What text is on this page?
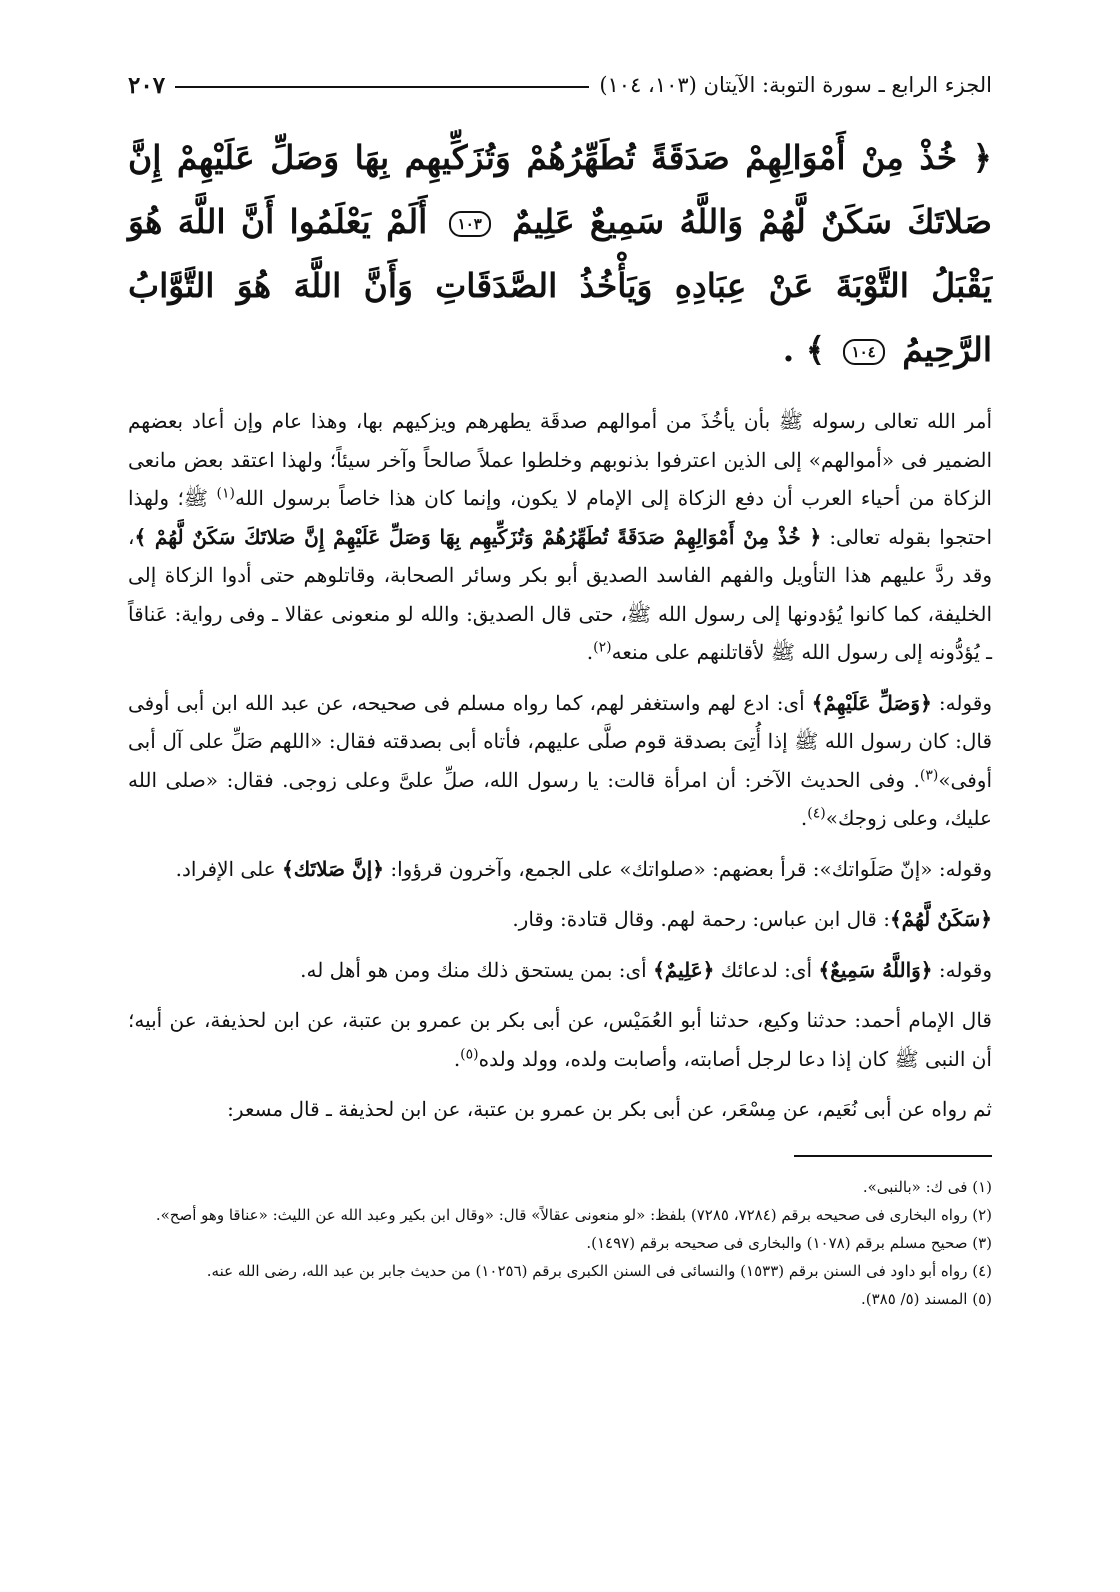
الجزء الرابع ـ سورة التوبة: الآيتان (١٠٣، ١٠٤)
٢٠٧
﴿ خُذْ مِنْ أَمْوَالِهِمْ صَدَقَةً تُطَهِّرُهُمْ وَتُزَكِّيهِم بِهَا وَصَلِّ عَلَيْهِمْ إِنَّ صَلاتَكَ سَكَنٌ لَّهُمْ وَاللَّهُ سَمِيعٌ عَلِيمٌ ١٠٣ أَلَمْ يَعْلَمُوا أَنَّ اللَّهَ هُوَ يَقْبَلُ التَّوْبَةَ عَنْ عِبَادِهِ وَيَأْخُذُ الصَّدَقَاتِ وَأَنَّ اللَّهَ هُوَ التَّوَّابُ الرَّحِيمُ ١٠٤ ﴾ .

أمر الله تعالى رسوله ﷺ بأن يأخُذَ من أموالهم صدقَة يطهرهم ويزكيهم بها، وهذا عام وإن أعاد بعضهم الضمير فى «أموالهم» إلى الذين اعترفوا بذنوبهم وخلطوا عملاً صالحاً وآخر سيئاً؛ ولهذا اعتقد بعض مانعى الزكاة من أحياء العرب أن دفع الزكاة إلى الإمام لا يكون، وإنما كان هذا خاصاً برسول الله$^{(١)}$ ﷺ؛ ولهذا احتجوا بقوله تعالى: ﴿ خُذْ مِنْ أَمْوَالِهِمْ صَدَقَةً تُطَهِّرُهُمْ وَتُزَكِّيهِم بِهَا وَصَلِّ عَلَيْهِمْ إِنَّ صَلاتَكَ سَكَنٌ لَّهُمْ ﴾، وقد ردَّ عليهم هذا التأويل والفهم الفاسد الصديق أبو بكر وسائر الصحابة، وقاتلوهم حتى أدوا الزكاة إلى الخليفة، كما كانوا يُؤدونها إلى رسول الله ﷺ، حتى قال الصديق: والله لو منعونى عقالا ـ وفى رواية: عَناقاً ـ يُؤدُّونه إلى رسول الله ﷺ لأقاتلنهم على منعه$^{(٢)}$.

وقوله: ﴿وَصَلِّ عَلَيْهِمْ﴾ أى: ادع لهم واستغفر لهم، كما رواه مسلم فى صحيحه، عن عبد الله ابن أبى أوفى قال: كان رسول الله ﷺ إذا أُتِىَ بصدقة قوم صلَّى عليهم، فأتاه أبى بصدقته فقال: «اللهم صَلِّ على آل أبى أوفى»$^{(٣)}$. وفى الحديث الآخر: أن امرأة قالت: يا رسول الله، صلِّ علىَّ وعلى زوجى. فقال: «صلى الله عليك، وعلى زوجك»$^{(٤)}$.

وقوله: «إنّ صَلَواتك»: قرأ بعضهم: «صلواتك» على الجمع، وآخرون قرؤوا: ﴿إنَّ صَلاتَك﴾ على الإفراد.

﴿سَكَنٌ لَّهُمْ﴾: قال ابن عباس: رحمة لهم. وقال قتادة: وقار.

وقوله: ﴿وَاللَّهُ سَمِيعٌ﴾ أى: لدعائك ﴿عَلِيمٌ﴾ أى: بمن يستحق ذلك منك ومن هو أهل له.

قال الإمام أحمد: حدثنا وكيع، حدثنا أبو العُمَيْس، عن أبى بكر بن عمرو بن عتبة، عن ابن لحذيفة، عن أبيه؛ أن النبى ﷺ كان إذا دعا لرجل أصابته، وأصابت ولده، وولد ولده$^{(٥)}$.

ثم رواه عن أبى نُعَيم، عن مِسْعَر، عن أبى بكر بن عمرو بن عتبة، عن ابن لحذيفة ـ قال مسعر:

(١) فى ك: «بالنبى».
(٢) رواه البخارى فى صحيحه برقم (٧٢٨٤، ٧٢٨٥) بلفظ: «لو منعونى عقالاً» قال: «وقال ابن بكير وعبد الله عن الليث: «عناقا وهو أصح».
(٣) صحيح مسلم برقم (١٠٧٨) والبخارى فى صحيحه برقم (١٤٩٧).
(٤) رواه أبو داود فى السنن برقم (١٥٣٣) والنسائى فى السنن الكبرى برقم (١٠٢٥٦) من حديث جابر بن عبد الله، رضى الله عنه.
(٥) المسند (٥/ ٣٨٥).
